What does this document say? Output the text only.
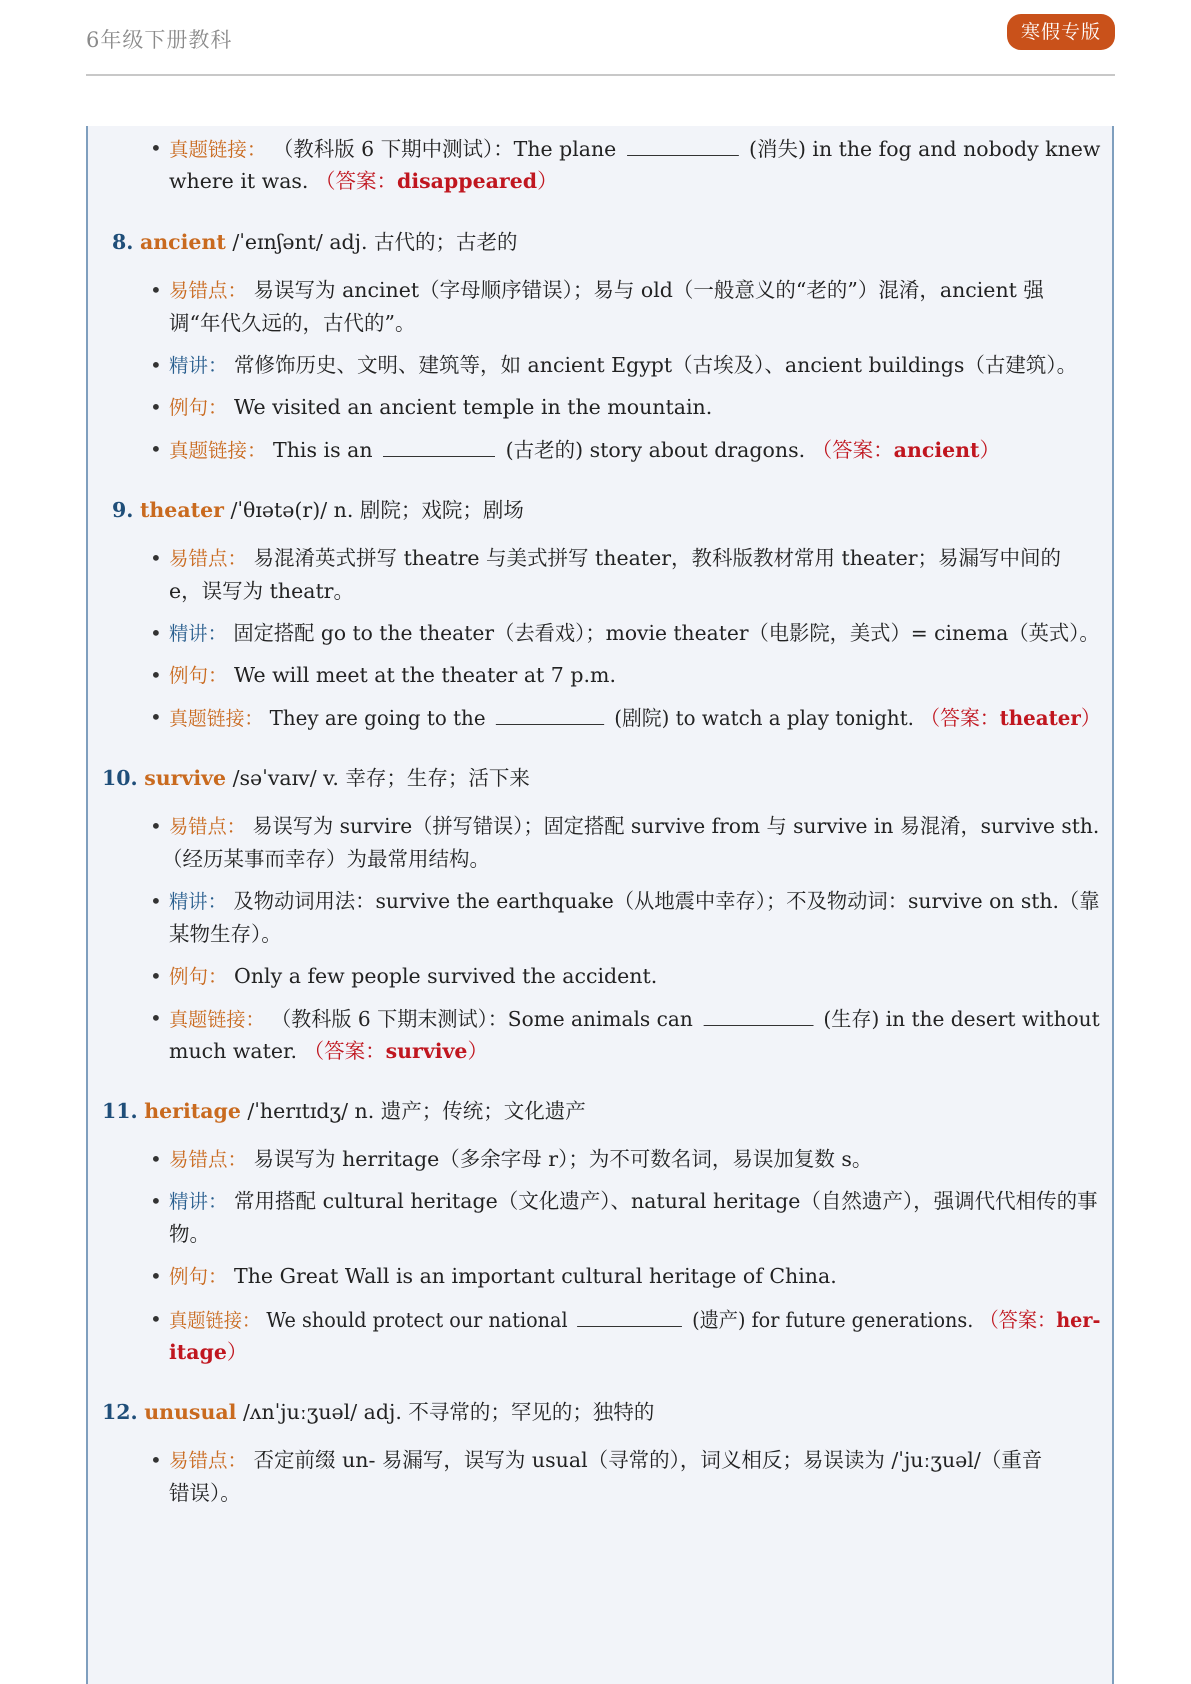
6年级下册教科	寒假专版
• 真题链接： （教科版 6 下期中测试）：The plane	(消失) in the fog and nobody knew
where it was. （答案：disappeared）
8. ancient /ˈeɪnʃənt/ adj. 古代的；古老的
• 易错点： 易误写为 ancinet（字母顺序错误）；易与 old（一般意义的“老的”）混淆，ancient 强
调“年代久远的，古代的”。
• 精讲： 常修饰历史、文明、建筑等，如 ancient Egypt（古埃及）、ancient buildings（古建筑）。
• 例句： We visited an ancient temple in the mountain.
• 真题链接： This is an	(古老的) story about dragons. （答案：ancient）
9. theater /ˈθɪətə(r)/ n. 剧院；戏院；剧场
• 易错点： 易混淆英式拼写 theatre 与美式拼写 theater，教科版教材常用 theater；易漏写中间的
e，误写为 theatr。
• 精讲： 固定搭配 go to the theater（去看戏）；movie theater（电影院，美式）= cinema（英式）。
• 例句： We will meet at the theater at 7 p.m.
• 真题链接： They are going to the	(剧院) to watch a play tonight. （答案：theater）
10. survive /səˈvaɪv/ v. 幸存；生存；活下来
• 易错点： 易误写为 survire（拼写错误）；固定搭配 survive from 与 survive in 易混淆，survive sth.
（经历某事而幸存）为最常用结构。
• 精讲： 及物动词用法：survive the earthquake（从地震中幸存）；不及物动词：survive on sth.（靠
某物生存）。
• 例句： Only a few people survived the accident.
• 真题链接： （教科版 6 下期末测试）：Some animals can	(生存) in the desert without
much water. （答案：survive）
11. heritage /ˈherɪtɪdʒ/ n. 遗产；传统；文化遗产
• 易错点： 易误写为 herritage（多余字母 r）；为不可数名词，易误加复数 s。
• 精讲： 常用搭配 cultural heritage（文化遗产）、natural heritage（自然遗产），强调代代相传的事
物。
• 例句： The Great Wall is an important cultural heritage of China.
• 真题链接： We should protect our national	(遗产) for future generations. （答案：her-
itage）
12. unusual /ʌnˈjuːʒuəl/ adj. 不寻常的；罕见的；独特的
• 易错点： 否定前缀 un- 易漏写，误写为 usual（寻常的），词义相反；易误读为 /ˈjuːʒuəl/（重音
错误）。
